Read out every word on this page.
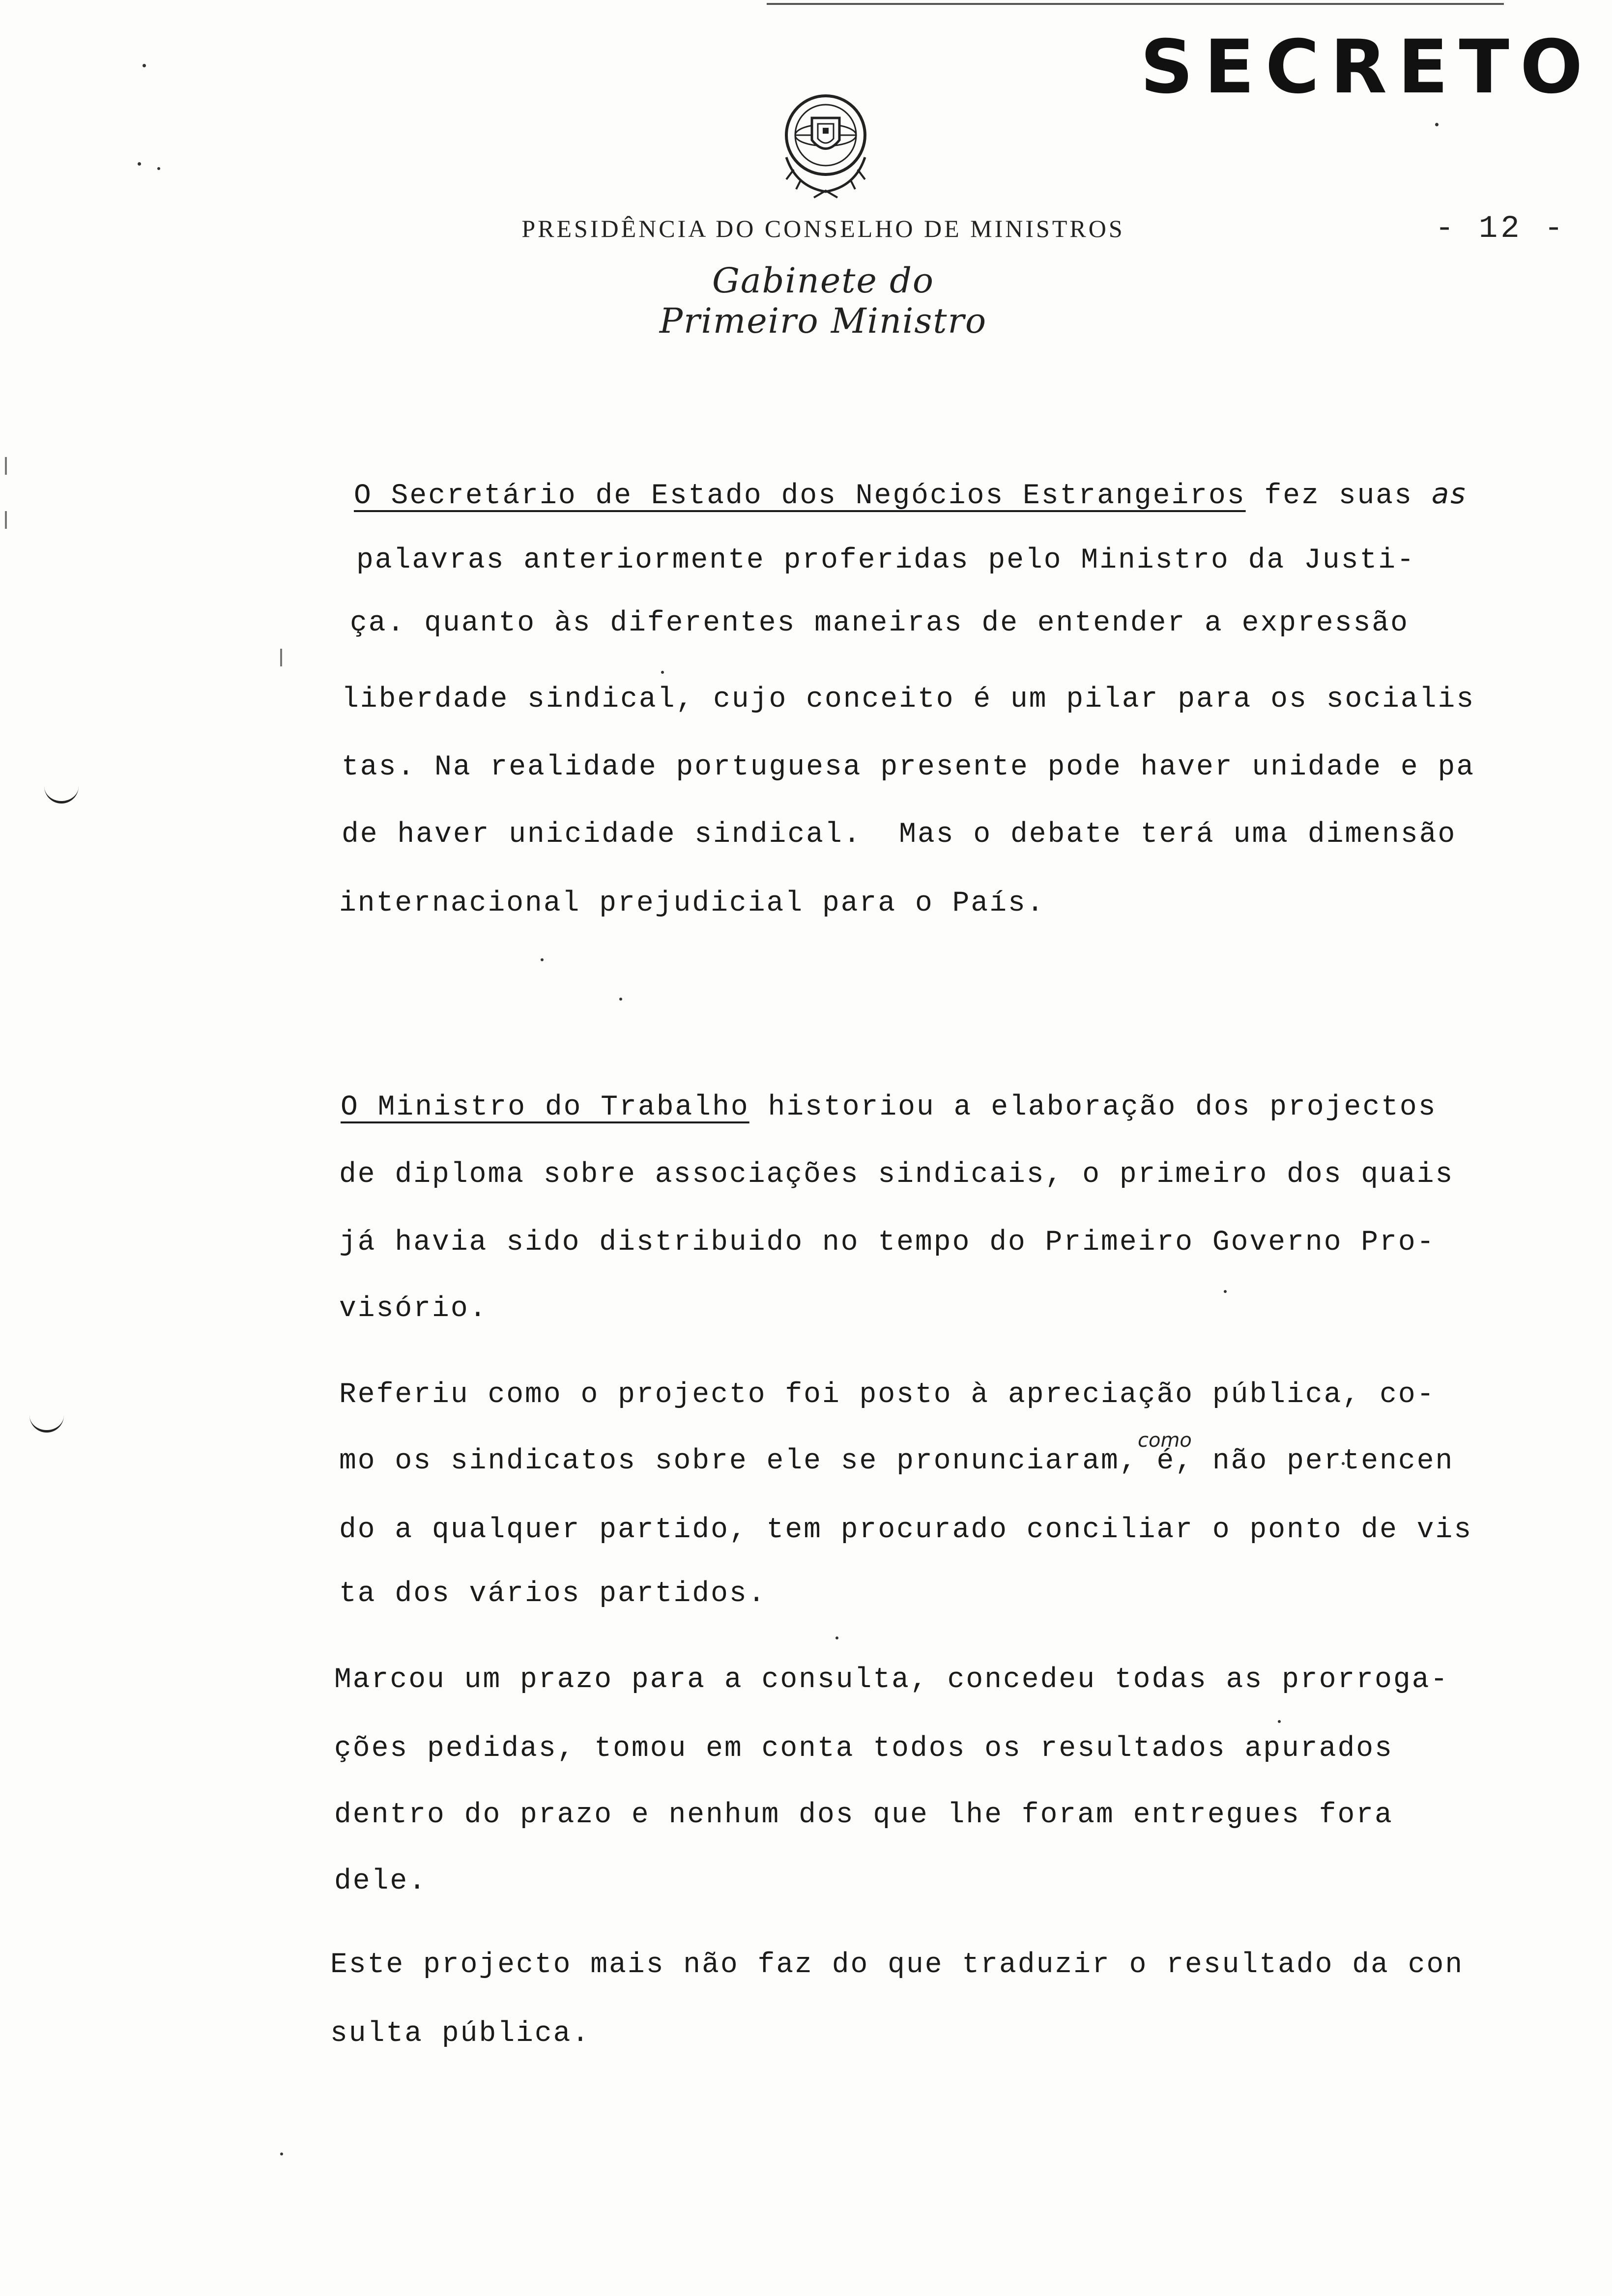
SECRETO
PRESIDÊNCIA DO CONSELHO DE MINISTROS
Gabinete do Primeiro Ministro
- 12 -
O Secretário de Estado dos Negócios Estrangeiros fez suas as
palavras anteriormente proferidas pelo Ministro da Justi-
ça. quanto às diferentes maneiras de entender a expressão
liberdade sindical, cujo conceito é um pilar para os socialis
tas. Na realidade portuguesa presente pode haver unidade e pa
de haver unicidade sindical.  Mas o debate terá uma dimensão
internacional prejudicial para o País.
O Ministro do Trabalho historiou a elaboração dos projectos
de diploma sobre associações sindicais, o primeiro dos quais
já havia sido distribuido no tempo do Primeiro Governo Pro-
visório.
Referiu como o projecto foi posto à apreciação pública, co-
como
mo os sindicatos sobre ele se pronunciaram, é, não pertencen
do a qualquer partido, tem procurado conciliar o ponto de vis
ta dos vários partidos.
Marcou um prazo para a consulta, concedeu todas as prorroga-
ções pedidas, tomou em conta todos os resultados apurados
dentro do prazo e nenhum dos que lhe foram entregues fora
dele.
Este projecto mais não faz do que traduzir o resultado da con
sulta pública.
